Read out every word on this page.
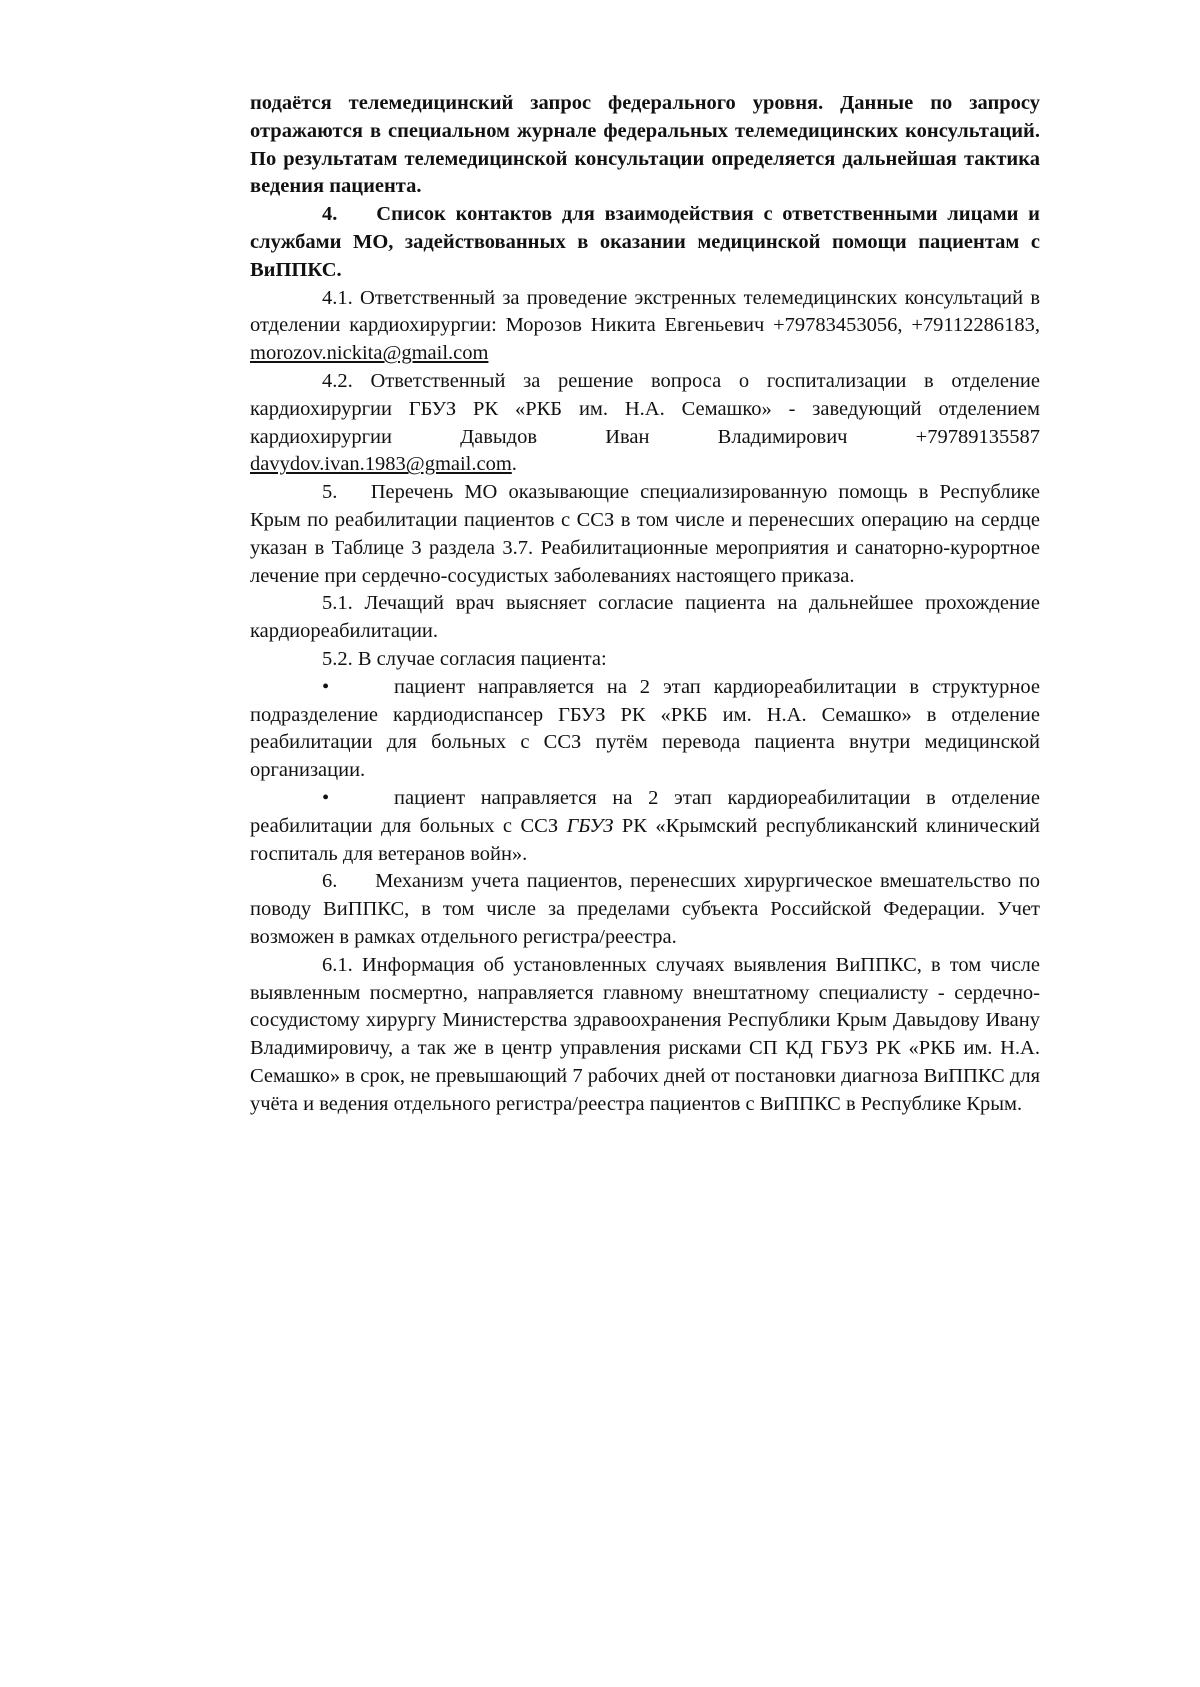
подаётся телемедицинский запрос федерального уровня. Данные по запросу отражаются в специальном журнале федеральных телемедицинских консультаций. По результатам телемедицинской консультации определяется дальнейшая тактика ведения пациента.

4.    Список контактов для взаимодействия с ответственными лицами и службами МО, задействованных в оказании медицинской помощи пациентам с ВиППКС.

4.1. Ответственный за проведение экстренных телемедицинских консультаций в отделении кардиохирургии: Морозов Никита Евгеньевич +79783453056, +79112286183, morozov.nickita@gmail.com

4.2. Ответственный за решение вопроса о госпитализации в отделение кардиохирургии ГБУЗ РК «РКБ им. Н.А. Семашко» - заведующий отделением кардиохирургии Давыдов Иван Владимирович +79789135587 davydov.ivan.1983@gmail.com.

5.   Перечень МО оказывающие специализированную помощь в Республике Крым по реабилитации пациентов с ССЗ в том числе и перенесших операцию на сердце указан в Таблице 3 раздела 3.7. Реабилитационные мероприятия и санаторно-курортное лечение при сердечно-сосудистых заболеваниях настоящего приказа.

5.1. Лечащий врач выясняет согласие пациента на дальнейшее прохождение кардиореабилитации.

5.2. В случае согласия пациента:

•	пациент направляется на 2 этап кардиореабилитации в структурное подразделение кардиодиспансер ГБУЗ РК «РКБ им. Н.А. Семашко» в отделение реабилитации для больных с ССЗ путём перевода пациента внутри медицинской организации.

•	пациент направляется на 2 этап кардиореабилитации в отделение реабилитации для больных с ССЗ ГБУЗ РК «Крымский республиканский клинический госпиталь для ветеранов войн».

6.     Механизм учета пациентов, перенесших хирургическое вмешательство по поводу ВиППКС, в том числе за пределами субъекта Российской Федерации. Учет возможен в рамках отдельного регистра/реестра.

6.1. Информация об установленных случаях выявления ВиППКС, в том числе выявленным посмертно, направляется главному внештатному специалисту - сердечно-сосудистому хирургу Министерства здравоохранения Республики Крым Давыдову Ивану Владимировичу, а так же в центр управления рисками СП КД ГБУЗ РК «РКБ им. Н.А. Семашко» в срок, не превышающий 7 рабочих дней от постановки диагноза ВиППКС для учёта и ведения отдельного регистра/реестра пациентов с ВиППКС в Республике Крым.
